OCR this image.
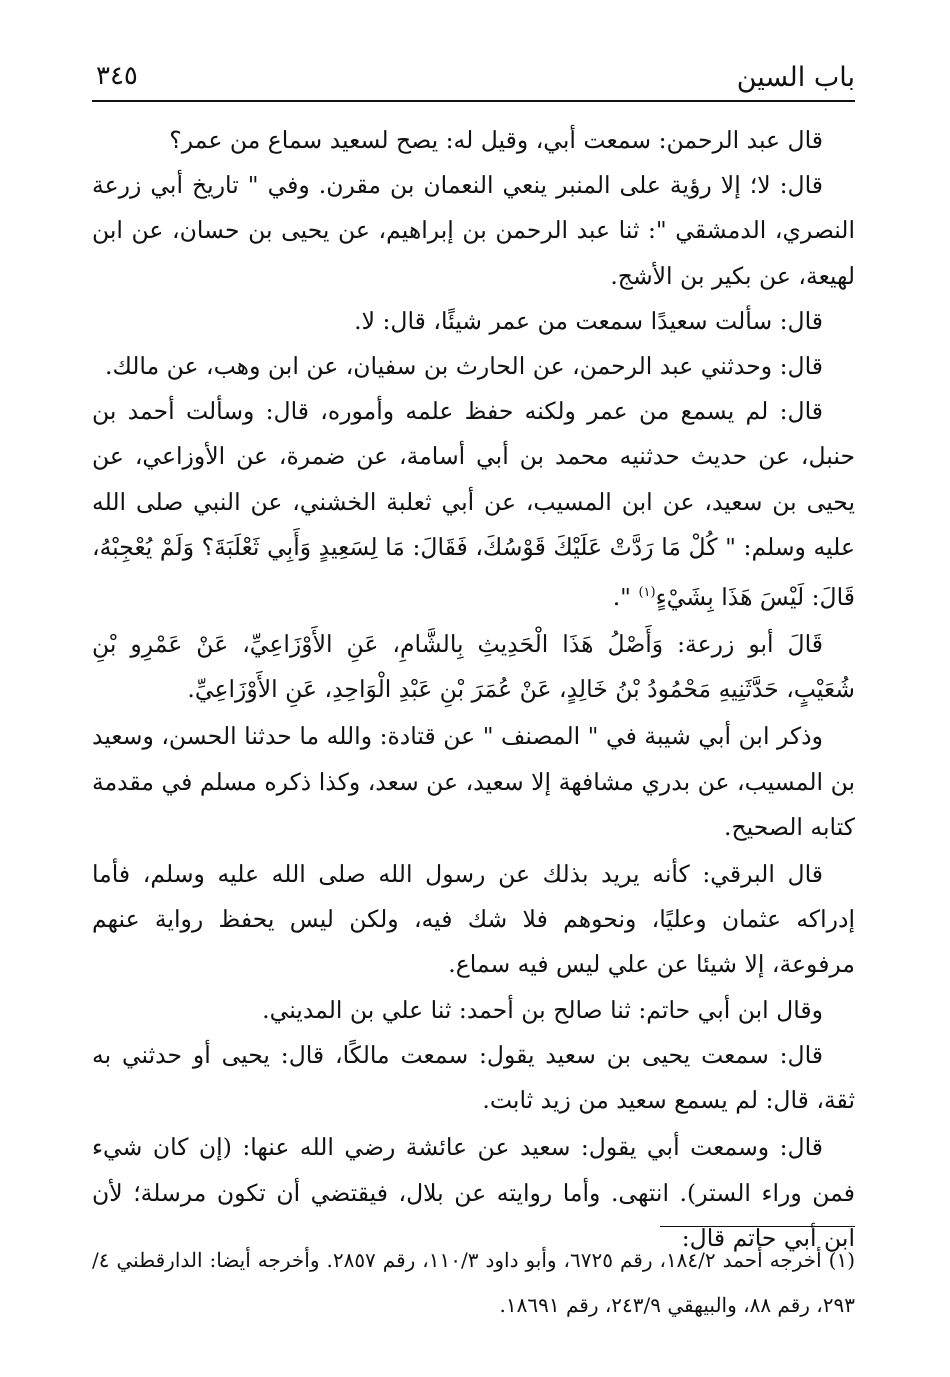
باب السين
٣٤٥

قال عبد الرحمن: سمعت أبي، وقيل له: يصح لسعيد سماع من عمر؟

قال: لا؛ إلا رؤية على المنبر ينعي النعمان بن مقرن. وفي " تاريخ أبي زرعة النصري، الدمشقي ": ثنا عبد الرحمن بن إبراهيم، عن يحيى بن حسان، عن ابن لهيعة، عن بكير بن الأشج.

قال: سألت سعيدًا سمعت من عمر شيئًا، قال: لا.

قال: وحدثني عبد الرحمن، عن الحارث بن سفيان، عن ابن وهب، عن مالك.

قال: لم يسمع من عمر ولكنه حفظ علمه وأموره، قال: وسألت أحمد بن حنبل، عن حديث حدثنيه محمد بن أبي أسامة، عن ضمرة، عن الأوزاعي، عن يحيى بن سعيد، عن ابن المسيب، عن أبي ثعلبة الخشني، عن النبي صلى الله عليه وسلم: " كُلْ مَا رَدَّتْ عَلَيْكَ قَوْسُكَ، فَقَالَ: مَا لِسَعِيدٍ وَأَبِي ثَعْلَبَةَ؟ وَلَمْ يُعْجِبْهُ، قَالَ: لَيْسَ هَذَا بِشَيْءٍ$^{(١)}$ ".

قَالَ أبو زرعة: وَأَصْلُ هَذَا الْحَدِيثِ بِالشَّامِ، عَنِ الأَوْزَاعِيِّ، عَنْ عَمْرِو بْنِ شُعَيْبٍ، حَدَّثَنِيهِ مَحْمُودُ بْنُ خَالِدٍ، عَنْ عُمَرَ بْنِ عَبْدِ الْوَاحِدِ، عَنِ الأَوْزَاعِيِّ.

وذكر ابن أبي شيبة في " المصنف " عن قتادة: والله ما حدثنا الحسن، وسعيد بن المسيب، عن بدري مشافهة إلا سعيد، عن سعد، وكذا ذكره مسلم في مقدمة كتابه الصحيح.

قال البرقي: كأنه يريد بذلك عن رسول الله صلى الله عليه وسلم، فأما إدراكه عثمان وعليًا، ونحوهم فلا شك فيه، ولكن ليس يحفظ رواية عنهم مرفوعة، إلا شيئا عن علي ليس فيه سماع.

وقال ابن أبي حاتم: ثنا صالح بن أحمد: ثنا علي بن المديني.

قال: سمعت يحيى بن سعيد يقول: سمعت مالكًا، قال: يحيى أو حدثني به ثقة، قال: لم يسمع سعيد من زيد ثابت.

قال: وسمعت أبي يقول: سعيد عن عائشة رضي الله عنها: (إن كان شيء فمن وراء الستر). انتهى. وأما روايته عن بلال، فيقتضي أن تكون مرسلة؛ لأن ابن أبي حاتم قال:

(١) أخرجه أحمد ١٨٤/٢، رقم ٦٧٢٥، وأبو داود ١١٠/٣، رقم ٢٨٥٧. وأخرجه أيضا: الدارقطني ٤/ ٢٩٣، رقم ٨٨، والبيهقي ٢٤٣/٩، رقم ١٨٦٩١.
